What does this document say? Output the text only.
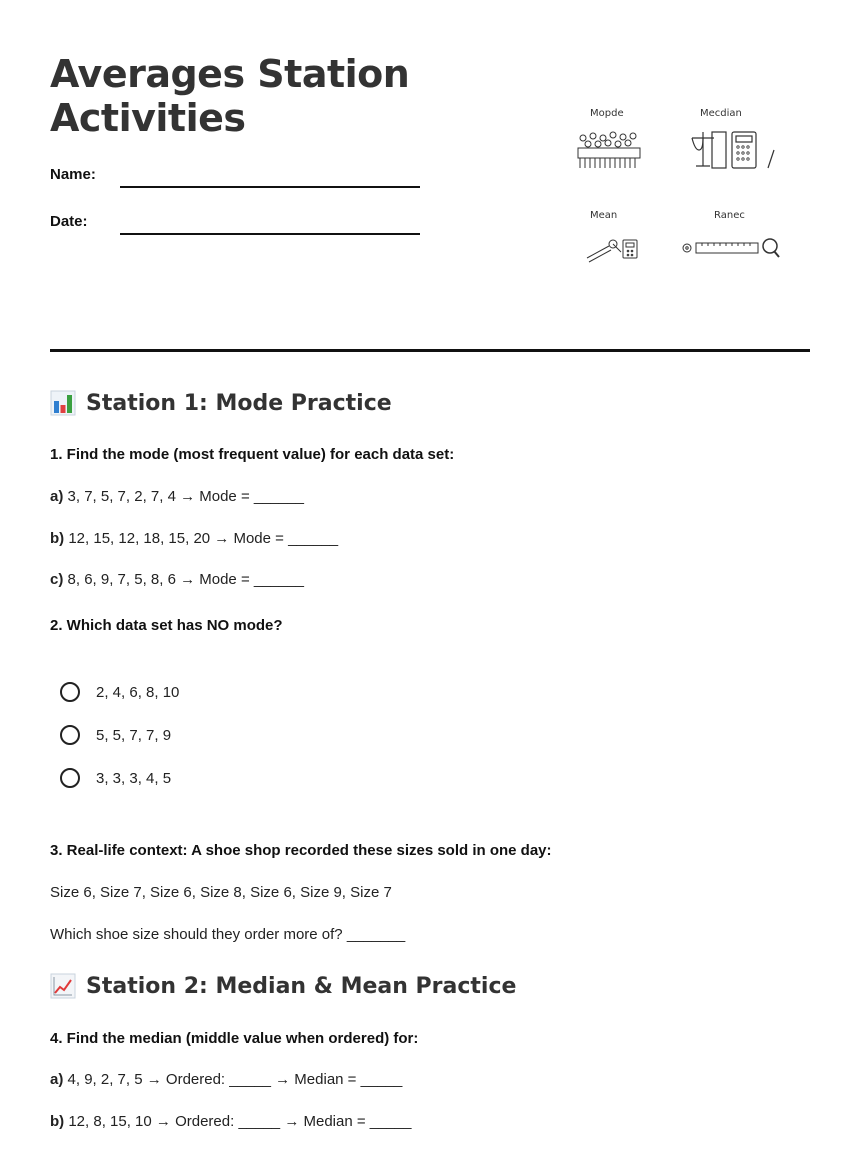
Averages Station
Activities
Name:
Date:
Mopde	Mecdian
Mean	Ranec
Station 1: Mode Practice
1. Find the mode (most frequent value) for each data set:
a) 3, 7, 5, 7, 2, 7, 4 → Mode = ______
b) 12, 15, 12, 18, 15, 20 → Mode = ______
c) 8, 6, 9, 7, 5, 8, 6 → Mode = ______
2. Which data set has NO mode?
2, 4, 6, 8, 10
5, 5, 7, 7, 9
3, 3, 3, 4, 5
3. Real-life context: A shoe shop recorded these sizes sold in one day:
Size 6, Size 7, Size 6, Size 8, Size 6, Size 9, Size 7
Which shoe size should they order more of? _______
Station 2: Median & Mean Practice
4. Find the median (middle value when ordered) for:
a) 4, 9, 2, 7, 5 → Ordered: _____ → Median = _____
b) 12, 8, 15, 10 → Ordered: _____ → Median = _____
